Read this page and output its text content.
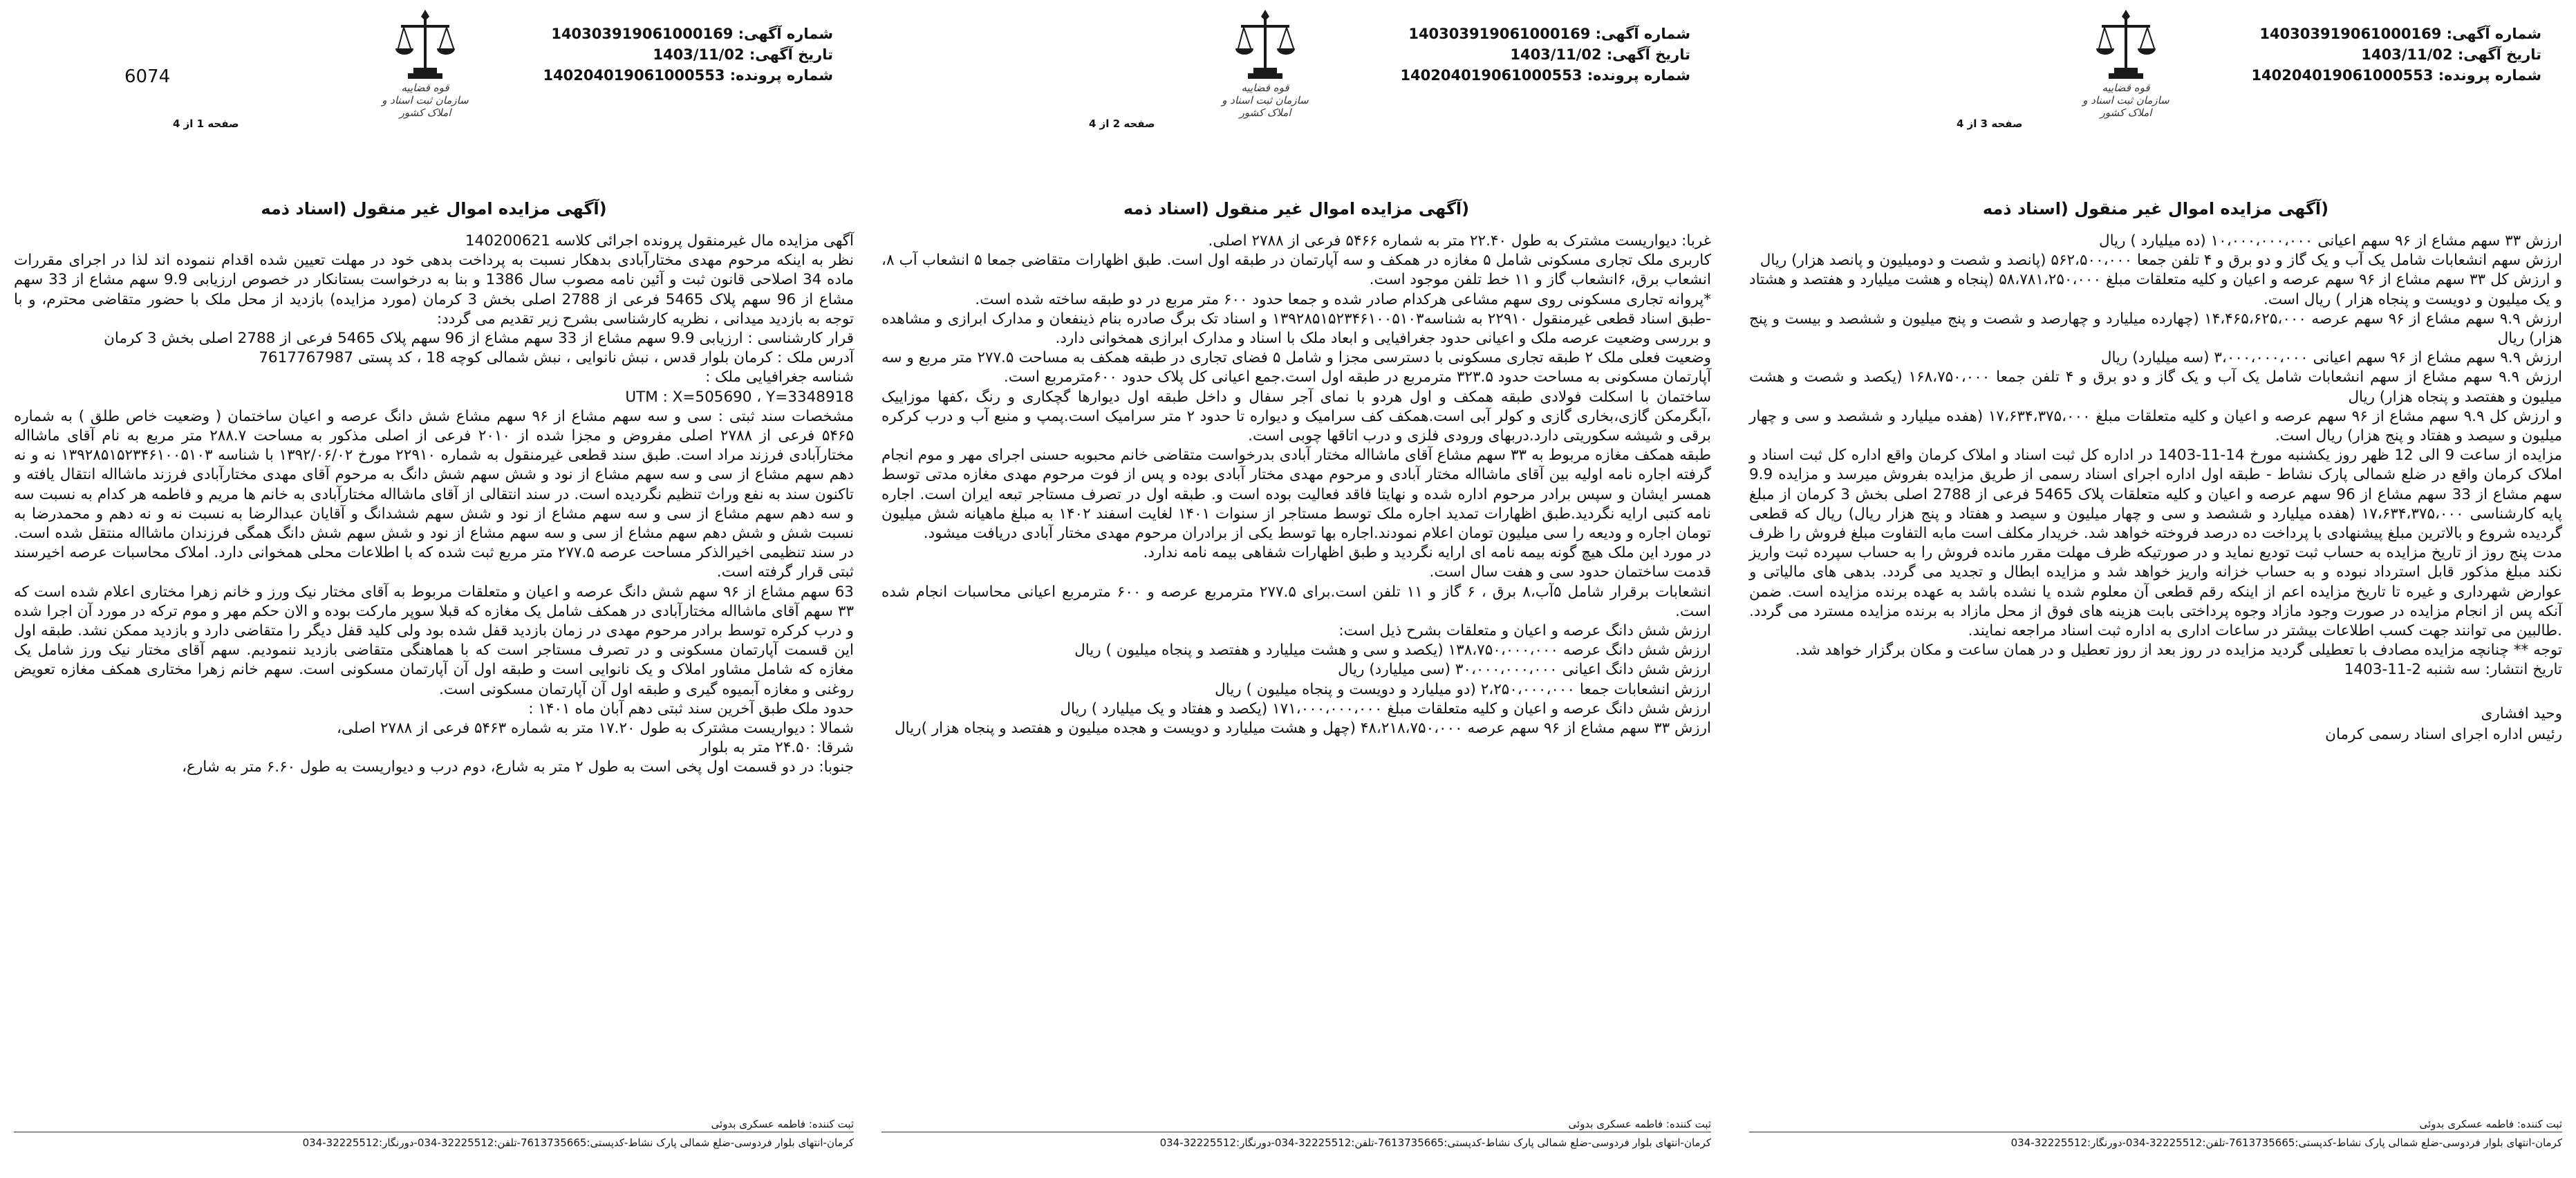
شماره آگهی: 140303919061000169
تاریخ آگهی: 1403/11/02
شماره پرونده: 140204019061000553
قوه قضاییه
سازمان ثبت اسناد و املاک کشور
صفحه 3 از 4
(آگهی مزایده اموال غیر منقول (اسناد ذمه

ارزش ۳۳ سهم مشاع از ۹۶ سهم اعیانی ۱۰،۰۰۰،۰۰۰،۰۰۰ (ده میلیارد ) ریال

ارزش سهم انشعابات شامل یک آب و یک گاز و دو برق و ۴ تلفن جمعا ۵۶۲،۵۰۰،۰۰۰ (پانصد و شصت و دومیلیون و پانصد هزار) ریال

و ارزش کل ۳۳ سهم مشاع از ۹۶ سهم عرصه و اعیان و کلیه متعلقات مبلغ ۵۸،۷۸۱،۲۵۰،۰۰۰ (پنجاه و هشت میلیارد و هفتصد و هشتاد و یک میلیون و دویست و پنجاه هزار ) ریال است.

ارزش ۹.۹ سهم مشاع از ۹۶ سهم عرصه ۱۴،۴۶۵،۶۲۵،۰۰۰ (چهارده میلیارد و چهارصد و شصت و پنج میلیون و ششصد و بیست و پنج هزار) ریال

ارزش ۹.۹ سهم مشاع از ۹۶ سهم اعیانی ۳،۰۰۰،۰۰۰،۰۰۰ (سه میلیارد) ریال

ارزش ۹.۹ سهم مشاع از سهم انشعابات شامل یک آب و یک گاز و دو برق و ۴ تلفن جمعا ۱۶۸،۷۵۰،۰۰۰ (یکصد و شصت و هشت میلیون و هفتصد و پنجاه هزار) ریال

و ارزش کل ۹.۹ سهم مشاع از ۹۶ سهم عرصه و اعیان و کلیه متعلقات مبلغ ۱۷،۶۳۴،۳۷۵،۰۰۰ (هفده میلیارد و ششصد و سی و چهار میلیون و سیصد و هفتاد و پنج هزار) ریال است.

مزایده از ساعت 9 الی 12 ظهر روز یکشنبه مورخ 14-11-1403 در اداره کل ثبت اسناد و املاک کرمان واقع اداره کل ثبت اسناد و املاک کرمان واقع در ضلع شمالی پارک نشاط - طبقه اول اداره اجرای اسناد رسمی از طریق مزایده بفروش میرسد و مزایده 9.9 سهم مشاع از 33 سهم مشاع از 96 سهم عرصه و اعیان و کلیه متعلقات پلاک 5465 فرعی از 2788 اصلی بخش 3 کرمان از مبلغ پایه کارشناسی ۱۷،۶۳۴،۳۷۵،۰۰۰ (هفده میلیارد و ششصد و سی و چهار میلیون و سیصد و هفتاد و پنج هزار ریال) ریال که قطعی گردیده شروع و بالاترین مبلغ پیشنهادی با پرداخت ده درصد فروخته خواهد شد. خریدار مکلف است مابه التفاوت مبلغ فروش را ظرف مدت پنج روز از تاریخ مزایده به حساب ثبت تودیع نماید و در صورتیکه ظرف مهلت مقرر مانده فروش را به حساب سپرده ثبت واریز نکند مبلغ مذکور قابل استرداد نبوده و به حساب خزانه واریز خواهد شد و مزایده ابطال و تجدید می گردد. بدهی های مالیاتی و عوارض شهرداری و غیره تا تاریخ مزایده اعم از اینکه رقم قطعی آن معلوم شده یا نشده باشد به عهده برنده مزایده است. ضمن آنکه پس از انجام مزایده در صورت وجود مازاد وجوه پرداختی بابت هزینه های فوق از محل مازاد به برنده مزایده مسترد می گردد. .طالبین می توانند جهت کسب اطلاعات بیشتر در ساعات اداری به اداره ثبت اسناد مراجعه نمایند.

توجه ** چنانچه مزایده مصادف با تعطیلی گردید مزایده در روز بعد از روز تعطیل و در همان ساعت و مکان برگزار خواهد شد.

تاریخ انتشار: سه شنبه 2-11-1403

وحید افشاری
رئیس اداره اجرای اسناد رسمی کرمان
ثبت کننده: فاطمه عسکری بدوئی
کرمان-انتهای بلوار فردوسی-ضلع شمالی پارک نشاط-کدپستی:7613735665-تلفن:32225512-034-دورنگار:32225512-034
شماره آگهی: 140303919061000169
تاریخ آگهی: 1403/11/02
شماره پرونده: 140204019061000553
قوه قضاییه
سازمان ثبت اسناد و املاک کشور
صفحه 2 از 4
(آگهی مزایده اموال غیر منقول (اسناد ذمه

غربا: دیواریست مشترک به طول ۲۲.۴۰ متر به شماره ۵۴۶۶ فرعی از ۲۷۸۸ اصلی.

کاربری ملک تجاری مسکونی شامل ۵ مغازه در همکف و سه آپارتمان در طبقه اول است. طبق اظهارات متقاضی جمعا ۵ انشعاب آب ۸، انشعاب برق، ۶انشعاب گاز و ۱۱ خط تلفن موجود است.

*پروانه تجاری مسکونی روی سهم مشاعی هرکدام صادر شده و جمعا حدود ۶۰۰ متر مربع در دو طبقه ساخته شده است.

-طبق اسناد قطعی غیرمنقول ۲۲۹۱۰ به شناسه۱۳۹۲۸۵۱۵۲۳۴۶۱۰۰۵۱۰۳ و اسناد تک برگ صادره بنام ذینفعان و مدارک ابرازی و مشاهده و بررسی وضعیت عرصه ملک و اعیانی حدود جغرافیایی و ابعاد ملک با اسناد و مدارک ابرازی همخوانی دارد.

وضعیت فعلی ملک ۲ طبقه تجاری مسکونی با دسترسی مجزا و شامل ۵ فضای تجاری در طبقه همکف به مساحت ۲۷۷.۵ متر مربع و سه آپارتمان مسکونی به مساحت حدود ۳۲۳.۵ مترمربع در طبقه اول است.جمع اعیانی کل پلاک حدود ۶۰۰مترمربع است.

ساختمان با اسکلت فولادی طبقه همکف و اول هردو با نمای آجر سفال و داخل طبقه اول دیوارها گچکاری و رنگ ،کفها موزاییک ،آبگرمکن گازی،بخاری گازی و کولر آبی است.همکف کف سرامیک و دیواره تا حدود ۲ متر سرامیک است.پمپ و منبع آب و درب کرکره برقی و شیشه سکوریتی دارد.دربهای ورودی فلزی و درب اتاقها چوبی است.

طبقه همکف مغازه مربوط به ۳۳ سهم مشاع آقای ماشااله مختار آبادی بدرخواست متقاضی خانم محبوبه حسنی اجرای مهر و موم انجام گرفته اجاره نامه اولیه بین آقای ماشااله مختار آبادی و مرحوم مهدی مختار آبادی بوده و پس از فوت مرحوم مهدی مغازه مدتی توسط همسر ایشان و سپس برادر مرحوم اداره شده و نهایتا فاقد فعالیت بوده است و. طبقه اول در تصرف مستاجر تبعه ایران است. اجاره نامه کتبی ارایه نگردید.طبق اظهارات تمدید اجاره ملک توسط مستاجر از سنوات ۱۴۰۱ لغایت اسفند ۱۴۰۲ به مبلغ ماهیانه شش میلیون تومان اجاره و ودیعه را سی میلیون تومان اعلام نمودند.اجاره بها توسط یکی از برادران مرحوم مهدی مختار آبادی دریافت میشود.

در مورد این ملک هیچ گونه بیمه نامه ای ارایه نگردید و طبق اظهارات شفاهی بیمه نامه ندارد.

قدمت ساختمان حدود سی و هفت سال است.

انشعابات برقرار شامل ۵آب،۸ برق ، ۶ گاز و ۱۱ تلفن است.برای ۲۷۷.۵ مترمربع عرصه و ۶۰۰ مترمربع اعیانی محاسبات انجام شده است.

ارزش شش دانگ عرصه و اعیان و متعلقات بشرح ذیل است:

ارزش شش دانگ عرصه ۱۳۸،۷۵۰،۰۰۰،۰۰۰ (یکصد و سی و هشت میلیارد و هفتصد و پنجاه میلیون ) ریال

ارزش شش دانگ اعیانی ۳۰،۰۰۰،۰۰۰،۰۰۰ (سی میلیارد) ریال

ارزش انشعابات جمعا ۲،۲۵۰،۰۰۰،۰۰۰ (دو میلیارد و دویست و پنجاه میلیون ) ریال

ارزش شش دانگ عرصه و اعیان و کلیه متعلقات مبلغ ۱۷۱،۰۰۰،۰۰۰،۰۰۰ (یکصد و هفتاد و یک میلیارد ) ریال

ارزش ۳۳ سهم مشاع از ۹۶ سهم عرصه ۴۸،۲۱۸،۷۵۰،۰۰۰ (چهل و هشت میلیارد و دویست و هجده میلیون و هفتصد و پنجاه هزار )ریال

ثبت کننده: فاطمه عسکری بدوئی
کرمان-انتهای بلوار فردوسی-ضلع شمالی پارک نشاط-کدپستی:7613735665-تلفن:32225512-034-دورنگار:32225512-034
شماره آگهی: 140303919061000169
تاریخ آگهی: 1403/11/02
شماره پرونده: 140204019061000553
قوه قضاییه
سازمان ثبت اسناد و املاک کشور
6074
صفحه 1 از 4
(آگهی مزایده اموال غیر منقول (اسناد ذمه

آگهی مزایده مال غیرمنقول پرونده اجرائی کلاسه 140200621

نظر به اینکه مرحوم مهدی مختارآبادی بدهکار نسبت به پرداخت بدهی خود در مهلت تعیین شده اقدام ننموده اند لذا در اجرای مقررات ماده 34 اصلاحی قانون ثبت و آئین نامه مصوب سال 1386 و بنا به درخواست بستانکار در خصوص ارزیابی 9.9 سهم مشاع از 33 سهم مشاع از 96 سهم پلاک 5465 فرعی از 2788 اصلی بخش 3 کرمان (مورد مزایده) بازدید از محل ملک با حضور متقاضی محترم، و با توجه به بازدید میدانی ، نظریه کارشناسی بشرح زیر تقدیم می گردد:

قرار کارشناسی : ارزیابی 9.9 سهم مشاع از 33 سهم مشاع از 96 سهم پلاک 5465 فرعی از 2788 اصلی بخش 3 کرمان

آدرس ملک : کرمان بلوار قدس ، نبش نانوایی ، نبش شمالی کوچه 18 ، کد پستی 7617767987

شناسه جغرافیایی ملک :

UTM : X=505690 ، Y=3348918

مشخصات سند ثبتی : سی و سه سهم مشاع از ۹۶ سهم مشاع شش دانگ عرصه و اعیان ساختمان ( وضعیت خاص طلق ) به شماره ۵۴۶۵ فرعی از ۲۷۸۸ اصلی مفروض و مجزا شده از ۲۰۱۰ فرعی از اصلی مذکور به مساحت ۲۸۸.۷ متر مربع به نام آقای ماشااله مختارآبادی فرزند مراد است. طبق سند قطعی غیرمنقول به شماره ۲۲۹۱۰ مورخ ۱۳۹۲/۰۶/۰۲ با شناسه ۱۳۹۲۸۵۱۵۲۳۴۶۱۰۰۵۱۰۳ نه و نه دهم سهم مشاع از سی و سه سهم مشاع از نود و شش سهم شش دانگ به مرحوم آقای مهدی مختارآبادی فرزند ماشااله انتقال یافته و تاکنون سند به نفع وراث تنظیم نگردیده است. در سند انتقالی از آقای ماشااله مختارآبادی به خانم ها مریم و فاطمه هر کدام به نسبت سه و سه دهم سهم مشاع از سی و سه سهم مشاع از نود و شش سهم ششدانگ و آقایان عبدالرضا به نسبت نه و نه دهم و محمدرضا به نسبت شش و شش دهم سهم مشاع از سی و سه سهم مشاع از نود و شش سهم شش دانگ همگی فرزندان ماشااله منتقل شده است. در سند تنظیمی اخیرالذکر مساحت عرصه ۲۷۷.۵ متر مربع ثبت شده که با اطلاعات محلی همخوانی دارد. املاک محاسبات عرصه اخیرسند ثبتی قرار گرفته است.

63 سهم مشاع از ۹۶ سهم شش دانگ عرصه و اعیان و متعلقات مربوط به آقای مختار نیک ورز و خانم زهرا مختاری اعلام شده است که ۳۳ سهم آقای ماشااله مختارآبادی در همکف شامل یک مغازه که قبلا سوپر مارکت بوده و الان حکم مهر و موم ترکه در مورد آن اجرا شده و درب کرکره توسط برادر مرحوم مهدی در زمان بازدید قفل شده بود ولی کلید قفل دیگر را متقاضی دارد و بازدید ممکن نشد. طبقه اول این قسمت آپارتمان مسکونی و در تصرف مستاجر است که با هماهنگی متقاضی بازدید ننمودیم. سهم آقای مختار نیک ورز شامل یک مغازه که شامل مشاور املاک و یک نانوایی است و طبقه اول آن آپارتمان مسکونی است. سهم خانم زهرا مختاری همکف مغازه تعویض روغنی و مغازه آبمیوه گیری و طبقه اول آن آپارتمان مسکونی است.

حدود ملک طبق آخرین سند ثبتی دهم آبان ماه ۱۴۰۱ :

شمالا : دیواریست مشترک به طول ۱۷.۲۰ متر به شماره ۵۴۶۳ فرعی از ۲۷۸۸ اصلی،

شرقا: ۲۴.۵۰ متر به بلوار

جنوبا: در دو قسمت اول پخی است به طول ۲ متر به شارع، دوم درب و دیواریست به طول ۶.۶۰ متر به شارع،

ثبت کننده: فاطمه عسکری بدوئی
کرمان-انتهای بلوار فردوسی-ضلع شمالی پارک نشاط-کدپستی:7613735665-تلفن:32225512-034-دورنگار:32225512-034
